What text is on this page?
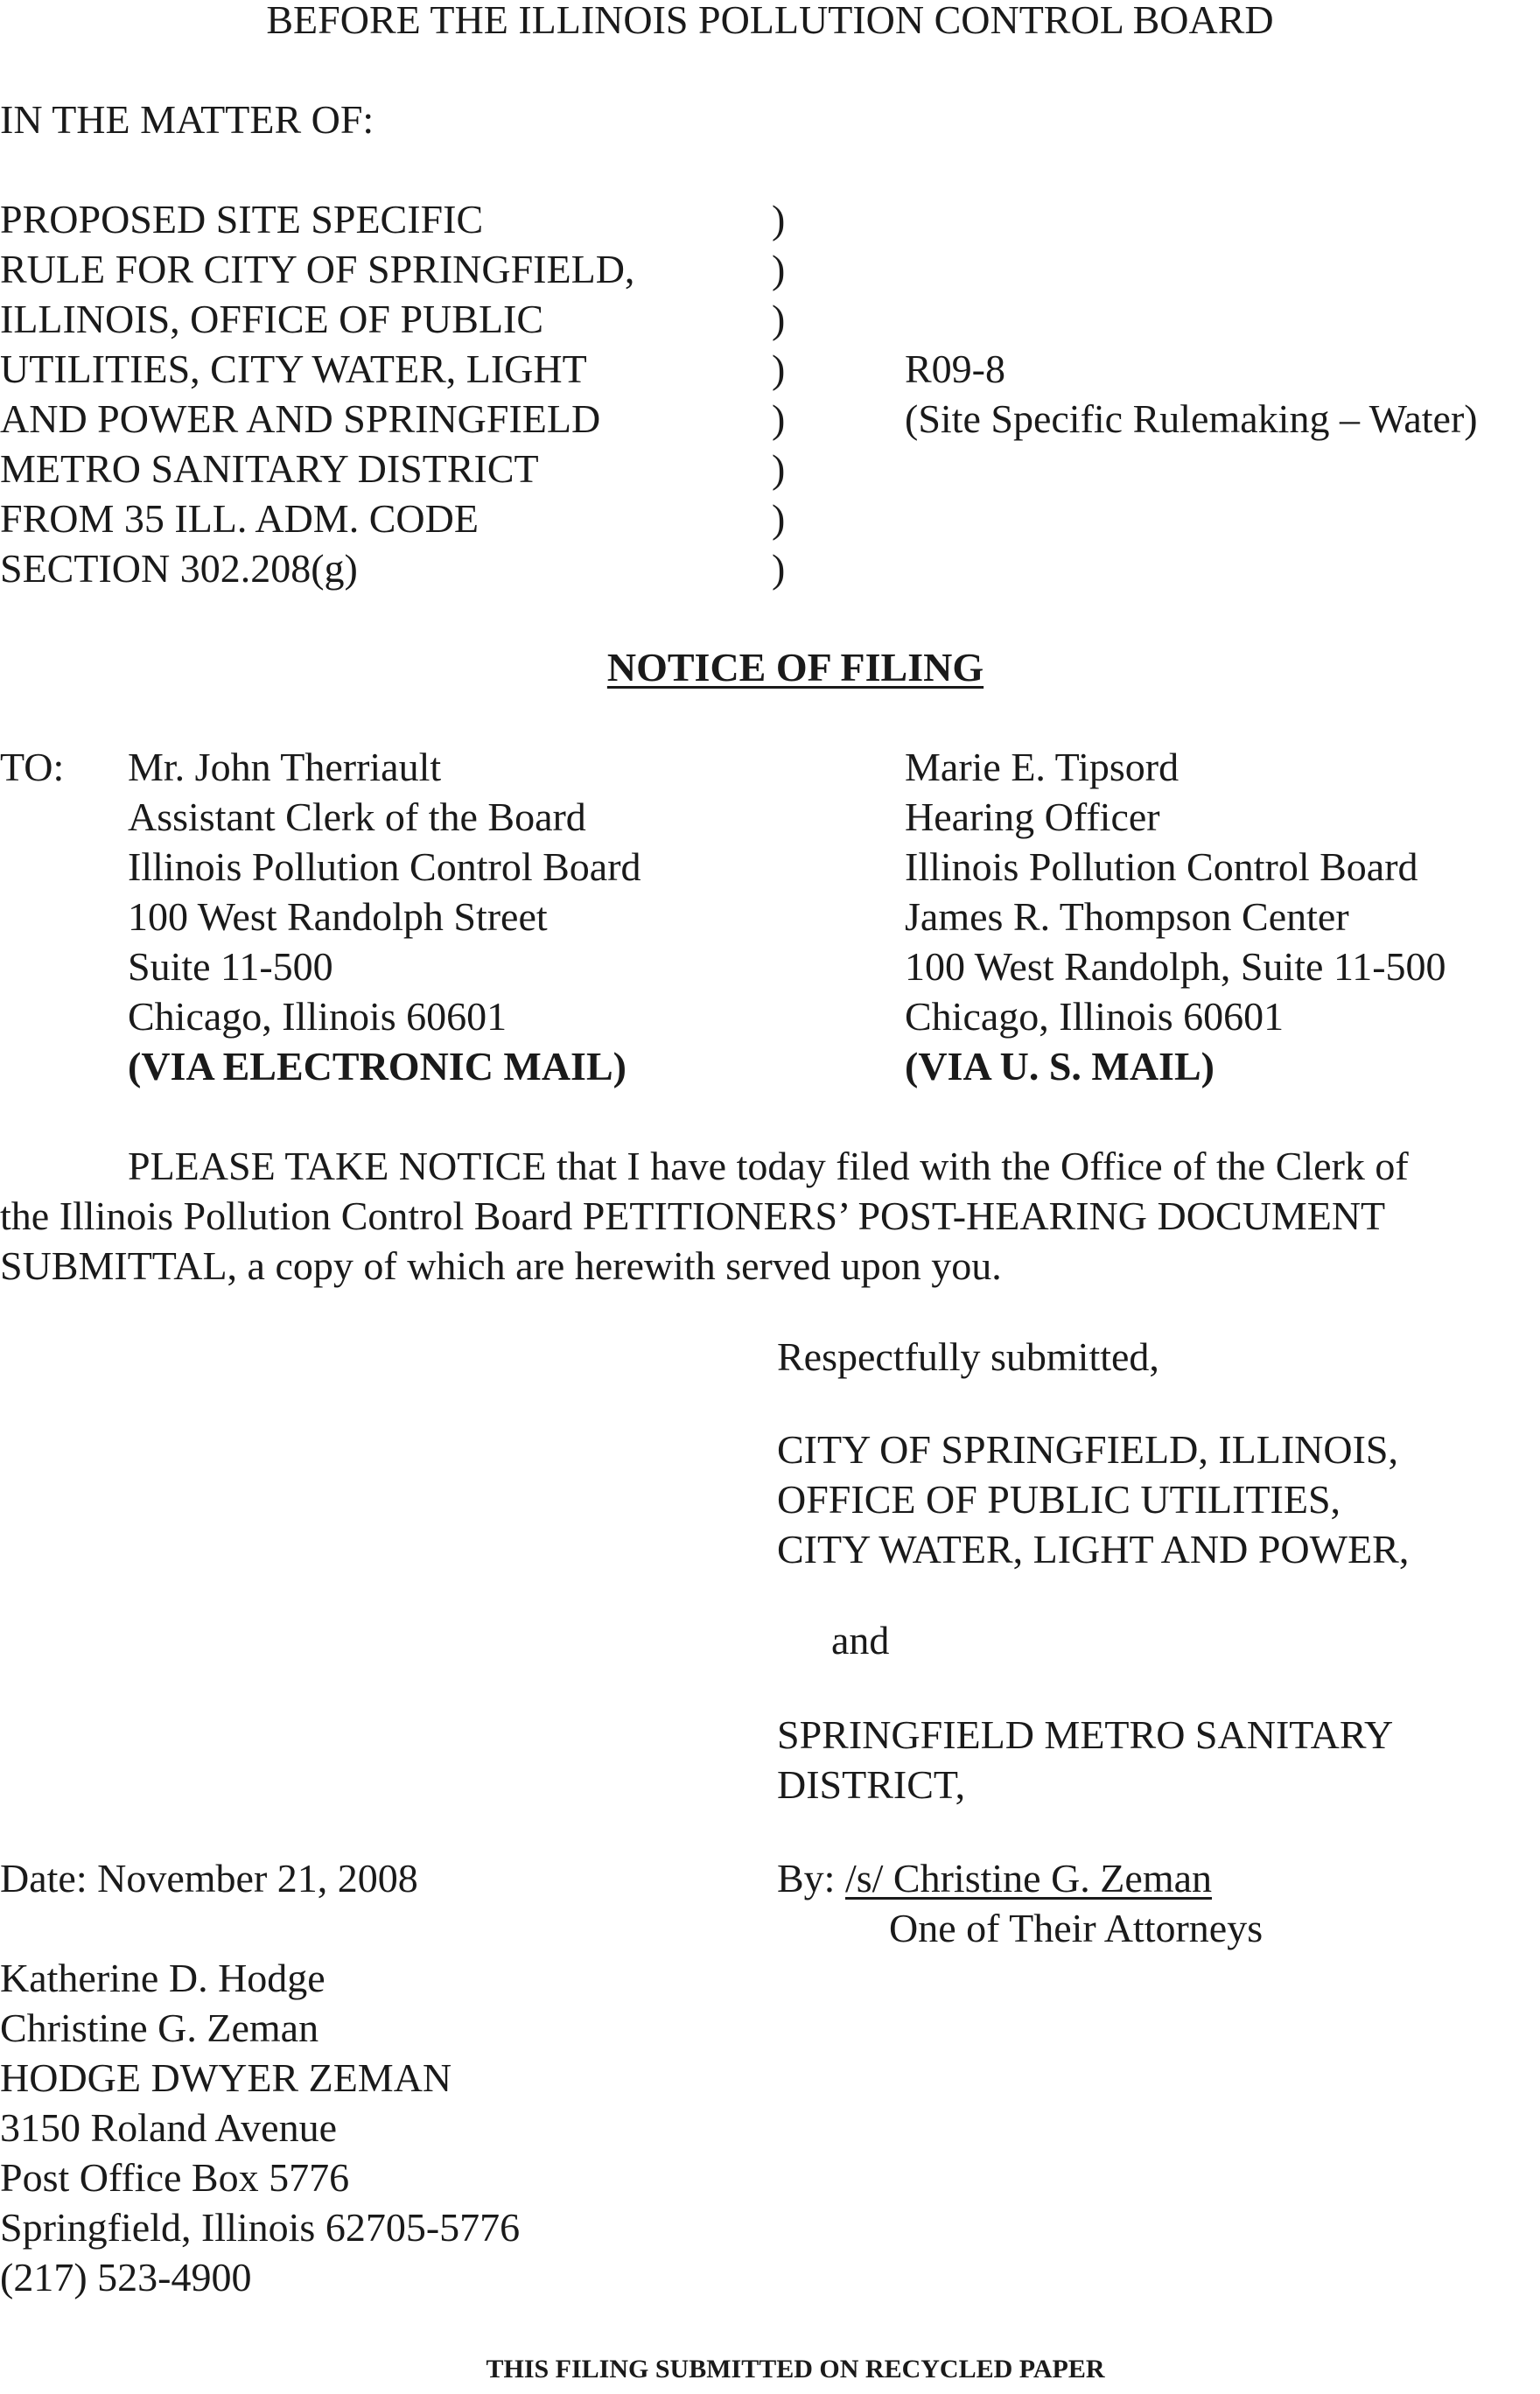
BEFORE THE ILLINOIS POLLUTION CONTROL BOARD
IN THE MATTER OF:
PROPOSED SITE SPECIFIC
RULE FOR CITY OF SPRINGFIELD,
ILLINOIS, OFFICE OF PUBLIC
UTILITIES, CITY WATER, LIGHT
AND POWER AND SPRINGFIELD
METRO SANITARY DISTRICT
FROM 35 ILL. ADM. CODE
SECTION 302.208(g)
)
)
)
)
)
)
)
)
R09-8
(Site Specific Rulemaking – Water)
NOTICE OF FILING
TO: Mr. John Therriault
Assistant Clerk of the Board
Illinois Pollution Control Board
100 West Randolph Street
Suite 11-500
Chicago, Illinois 60601
(VIA ELECTRONIC MAIL)
Marie E. Tipsord
Hearing Officer
Illinois Pollution Control Board
James R. Thompson Center
100 West Randolph, Suite 11-500
Chicago, Illinois 60601
(VIA U. S. MAIL)
PLEASE TAKE NOTICE that I have today filed with the Office of the Clerk of
the Illinois Pollution Control Board PETITIONERS’ POST-HEARING DOCUMENT
SUBMITTAL, a copy of which are herewith served upon you.
Respectfully submitted,
CITY OF SPRINGFIELD, ILLINOIS,
OFFICE OF PUBLIC UTILITIES,
CITY WATER, LIGHT AND POWER,
and
SPRINGFIELD METRO SANITARY
DISTRICT,
Date: November 21, 2008	By: /s/ Christine G. Zeman
One of Their Attorneys
Katherine D. Hodge
Christine G. Zeman
HODGE DWYER ZEMAN
3150 Roland Avenue
Post Office Box 5776
Springfield, Illinois 62705-5776
(217) 523-4900
THIS FILING SUBMITTED ON RECYCLED PAPER
